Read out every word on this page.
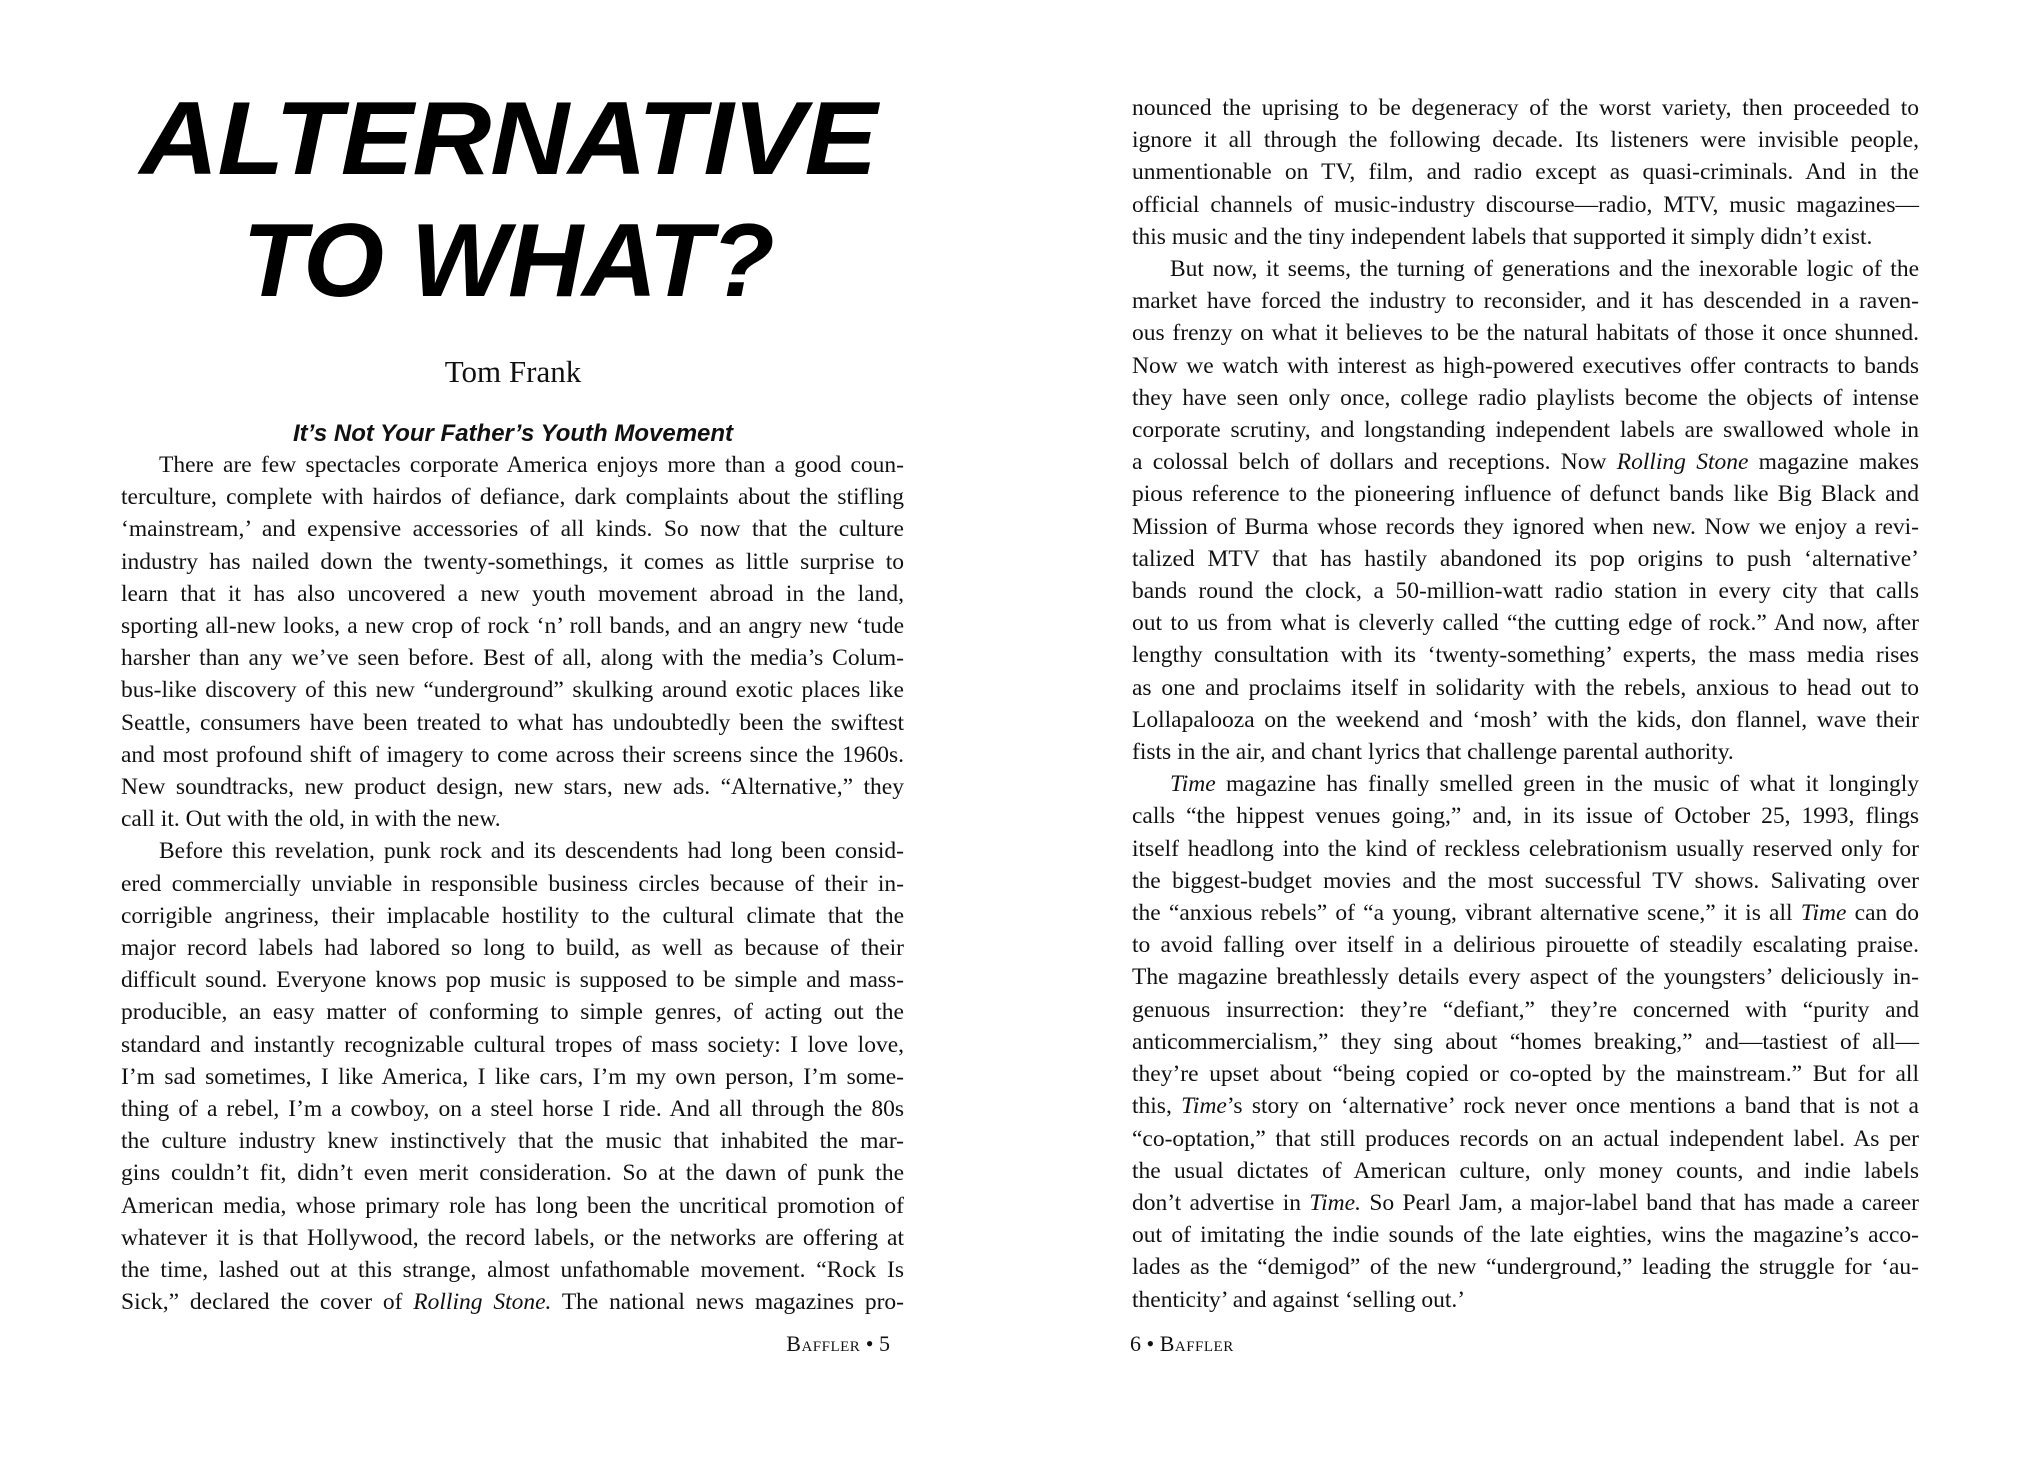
ALTERNATIVE
TO WHAT?

Tom Frank

It’s Not Your Father’s Youth Movement

There are few spectacles corporate America enjoys more than a good coun-
terculture, complete with hairdos of defiance, dark complaints about the stifling
‘mainstream,’ and expensive accessories of all kinds. So now that the culture
industry has nailed down the twenty-somethings, it comes as little surprise to
learn that it has also uncovered a new youth movement abroad in the land,
sporting all-new looks, a new crop of rock ‘n’ roll bands, and an angry new ‘tude
harsher than any we’ve seen before. Best of all, along with the media’s Colum-
bus-like discovery of this new “underground” skulking around exotic places like
Seattle, consumers have been treated to what has undoubtedly been the swiftest
and most profound shift of imagery to come across their screens since the 1960s.
New soundtracks, new product design, new stars, new ads. “Alternative,” they
call it. Out with the old, in with the new.

Before this revelation, punk rock and its descendents had long been consid-
ered commercially unviable in responsible business circles because of their in-
corrigible angriness, their implacable hostility to the cultural climate that the
major record labels had labored so long to build, as well as because of their
difficult sound. Everyone knows pop music is supposed to be simple and mass-
producible, an easy matter of conforming to simple genres, of acting out the
standard and instantly recognizable cultural tropes of mass society: I love love,
I’m sad sometimes, I like America, I like cars, I’m my own person, I’m some-
thing of a rebel, I’m a cowboy, on a steel horse I ride. And all through the 80s
the culture industry knew instinctively that the music that inhabited the mar-
gins couldn’t fit, didn’t even merit consideration. So at the dawn of punk the
American media, whose primary role has long been the uncritical promotion of
whatever it is that Hollywood, the record labels, or the networks are offering at
the time, lashed out at this strange, almost unfathomable movement. “Rock Is
Sick,” declared the cover of Rolling Stone. The national news magazines pro-

Baffler • 5

nounced the uprising to be degeneracy of the worst variety, then proceeded to
ignore it all through the following decade. Its listeners were invisible people,
unmentionable on TV, film, and radio except as quasi-criminals. And in the
official channels of music-industry discourse—radio, MTV, music magazines—
this music and the tiny independent labels that supported it simply didn’t exist.

But now, it seems, the turning of generations and the inexorable logic of the
market have forced the industry to reconsider, and it has descended in a raven-
ous frenzy on what it believes to be the natural habitats of those it once shunned.
Now we watch with interest as high-powered executives offer contracts to bands
they have seen only once, college radio playlists become the objects of intense
corporate scrutiny, and longstanding independent labels are swallowed whole in
a colossal belch of dollars and receptions. Now Rolling Stone magazine makes
pious reference to the pioneering influence of defunct bands like Big Black and
Mission of Burma whose records they ignored when new. Now we enjoy a revi-
talized MTV that has hastily abandoned its pop origins to push ‘alternative’
bands round the clock, a 50-million-watt radio station in every city that calls
out to us from what is cleverly called “the cutting edge of rock.” And now, after
lengthy consultation with its ‘twenty-something’ experts, the mass media rises
as one and proclaims itself in solidarity with the rebels, anxious to head out to
Lollapalooza on the weekend and ‘mosh’ with the kids, don flannel, wave their
fists in the air, and chant lyrics that challenge parental authority.

Time magazine has finally smelled green in the music of what it longingly
calls “the hippest venues going,” and, in its issue of October 25, 1993, flings
itself headlong into the kind of reckless celebrationism usually reserved only for
the biggest-budget movies and the most successful TV shows. Salivating over
the “anxious rebels” of “a young, vibrant alternative scene,” it is all Time can do
to avoid falling over itself in a delirious pirouette of steadily escalating praise.
The magazine breathlessly details every aspect of the youngsters’ deliciously in-
genuous insurrection: they’re “defiant,” they’re concerned with “purity and
anticommercialism,” they sing about “homes breaking,” and—tastiest of all—
they’re upset about “being copied or co-opted by the mainstream.” But for all
this, Time’s story on ‘alternative’ rock never once mentions a band that is not a
“co-optation,” that still produces records on an actual independent label. As per
the usual dictates of American culture, only money counts, and indie labels
don’t advertise in Time. So Pearl Jam, a major-label band that has made a career
out of imitating the indie sounds of the late eighties, wins the magazine’s acco-
lades as the “demigod” of the new “underground,” leading the struggle for ‘au-
thenticity’ and against ‘selling out.’

6 • Baffler
